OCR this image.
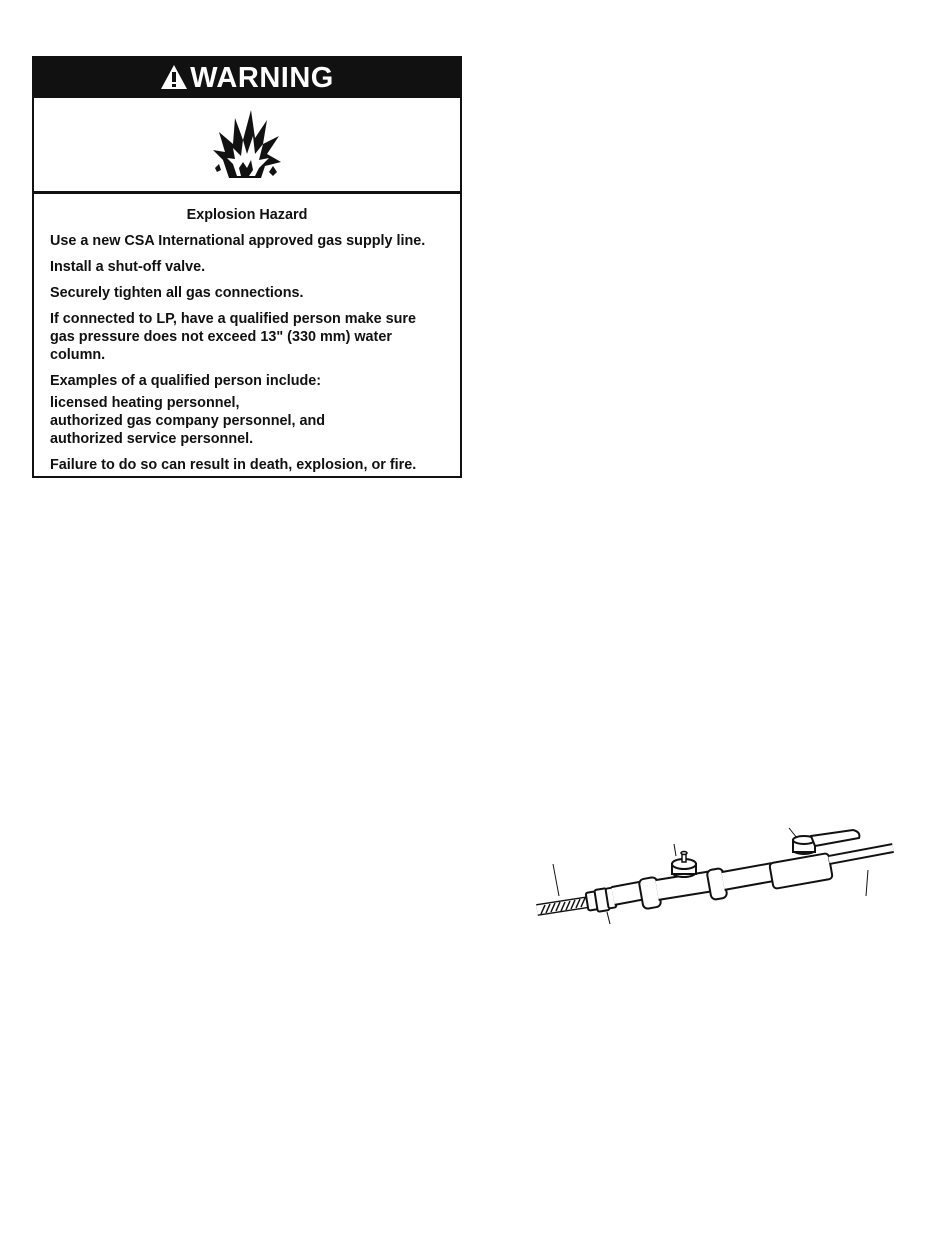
WARNING
Explosion Hazard

Use a new CSA International approved gas supply line.

Install a shut-off valve.

Securely tighten all gas connections.

If connected to LP, have a qualified person make sure
gas pressure does not exceed 13" (330 mm) water
column.

Examples of a qualified person include:

licensed heating personnel,
authorized gas company personnel, and
authorized service personnel.

Failure to do so can result in death, explosion, or fire.
